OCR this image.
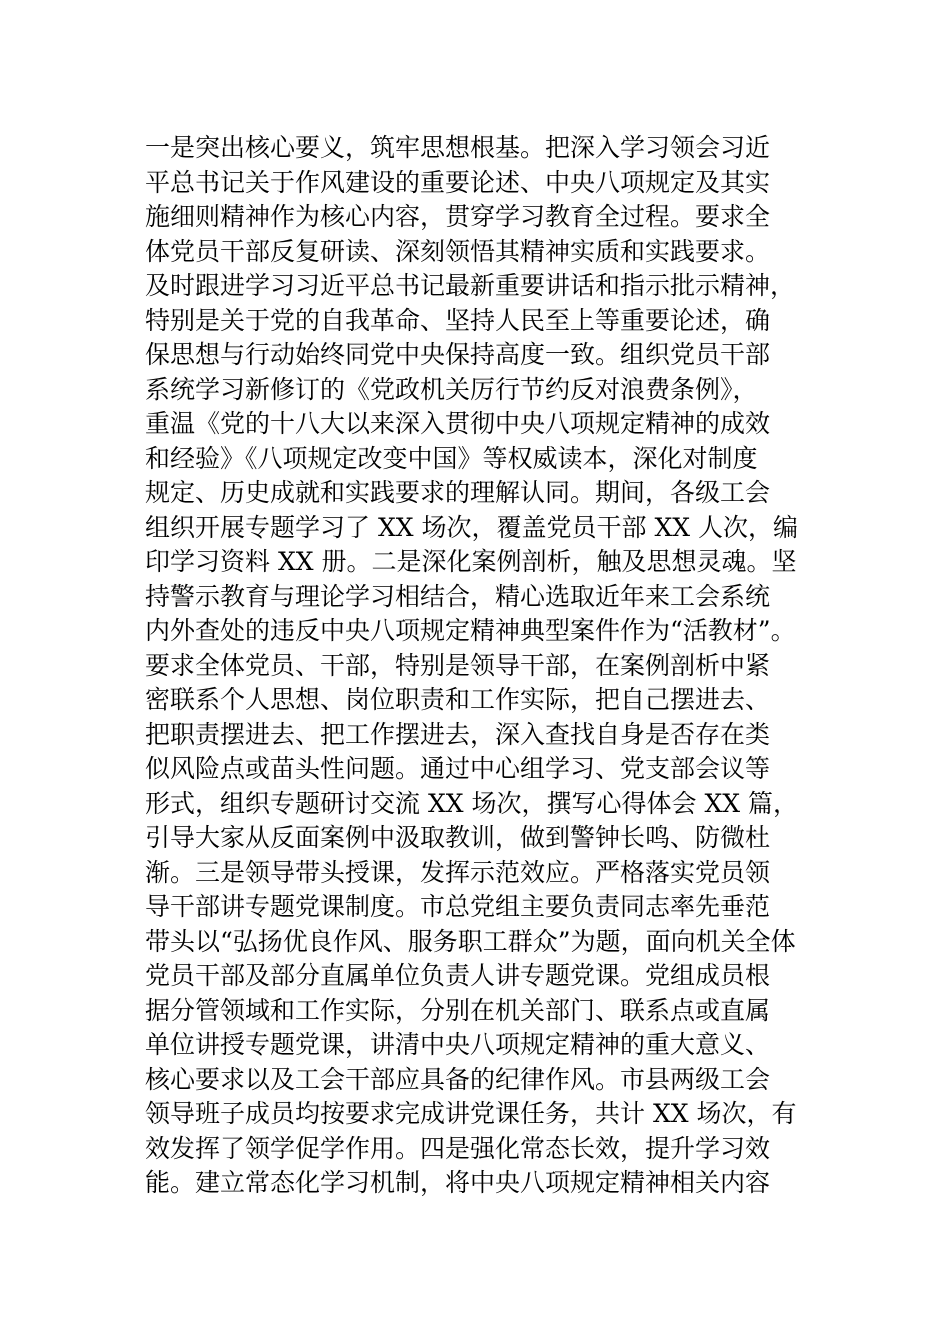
一是突出核心要义，筑牢思想根基。把深入学习领会习近
平总书记关于作风建设的重要论述、中央八项规定及其实
施细则精神作为核心内容，贯穿学习教育全过程。要求全
体党员干部反复研读、深刻领悟其精神实质和实践要求。
及时跟进学习习近平总书记最新重要讲话和指示批示精神，
特别是关于党的自我革命、坚持人民至上等重要论述，确
保思想与行动始终同党中央保持高度一致。组织党员干部
系统学习新修订的《党政机关厉行节约反对浪费条例》，
重温《党的十八大以来深入贯彻中央八项规定精神的成效
和经验》《八项规定改变中国》等权威读本，深化对制度
规定、历史成就和实践要求的理解认同。期间，各级工会
组织开展专题学习了 XX 场次，覆盖党员干部 XX 人次，编
印学习资料 XX 册。二是深化案例剖析，触及思想灵魂。坚
持警示教育与理论学习相结合，精心选取近年来工会系统
内外查处的违反中央八项规定精神典型案件作为“活教材”。
要求全体党员、干部，特别是领导干部，在案例剖析中紧
密联系个人思想、岗位职责和工作实际，把自己摆进去、
把职责摆进去、把工作摆进去，深入查找自身是否存在类
似风险点或苗头性问题。通过中心组学习、党支部会议等
形式，组织专题研讨交流 XX 场次，撰写心得体会 XX 篇，
引导大家从反面案例中汲取教训，做到警钟长鸣、防微杜
渐。三是领导带头授课，发挥示范效应。严格落实党员领
导干部讲专题党课制度。市总党组主要负责同志率先垂范
带头以“弘扬优良作风、服务职工群众”为题，面向机关全体
党员干部及部分直属单位负责人讲专题党课。党组成员根
据分管领域和工作实际，分别在机关部门、联系点或直属
单位讲授专题党课，讲清中央八项规定精神的重大意义、
核心要求以及工会干部应具备的纪律作风。市县两级工会
领导班子成员均按要求完成讲党课任务，共计 XX 场次，有
效发挥了领学促学作用。四是强化常态长效，提升学习效
能。建立常态化学习机制，将中央八项规定精神相关内容
